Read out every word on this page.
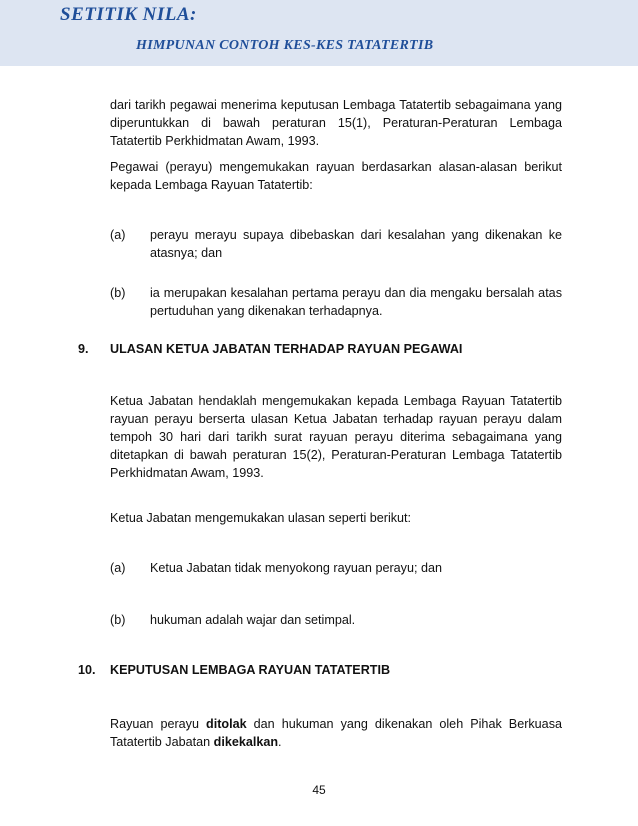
SETITIK NILA:

HIMPUNAN CONTOH KES-KES TATATERTIB

dari tarikh pegawai menerima keputusan Lembaga Tatatertib sebagaimana yang diperuntukkan di bawah peraturan 15(1), Peraturan-Peraturan Lembaga Tatatertib Perkhidmatan Awam, 1993.

Pegawai (perayu) mengemukakan rayuan berdasarkan alasan-alasan berikut kepada Lembaga Rayuan Tatatertib:

(a) perayu merayu supaya dibebaskan dari kesalahan yang dikenakan ke atasnya; dan
(b) ia merupakan kesalahan pertama perayu dan dia mengaku bersalah atas pertuduhan yang dikenakan terhadapnya.
9. ULASAN KETUA JABATAN TERHADAP RAYUAN PEGAWAI

Ketua Jabatan hendaklah mengemukakan kepada Lembaga Rayuan Tatatertib rayuan perayu berserta ulasan Ketua Jabatan terhadap rayuan perayu dalam tempoh 30 hari dari tarikh surat rayuan perayu diterima sebagaimana yang ditetapkan di bawah peraturan 15(2), Peraturan-Peraturan Lembaga Tatatertib Perkhidmatan Awam, 1993.

Ketua Jabatan mengemukakan ulasan seperti berikut:

(a) Ketua Jabatan tidak menyokong rayuan perayu; dan
(b) hukuman adalah wajar dan setimpal.
10. KEPUTUSAN LEMBAGA RAYUAN TATATERTIB

Rayuan perayu ditolak dan hukuman yang dikenakan oleh Pihak Berkuasa Tatatertib Jabatan dikekalkan.

45
